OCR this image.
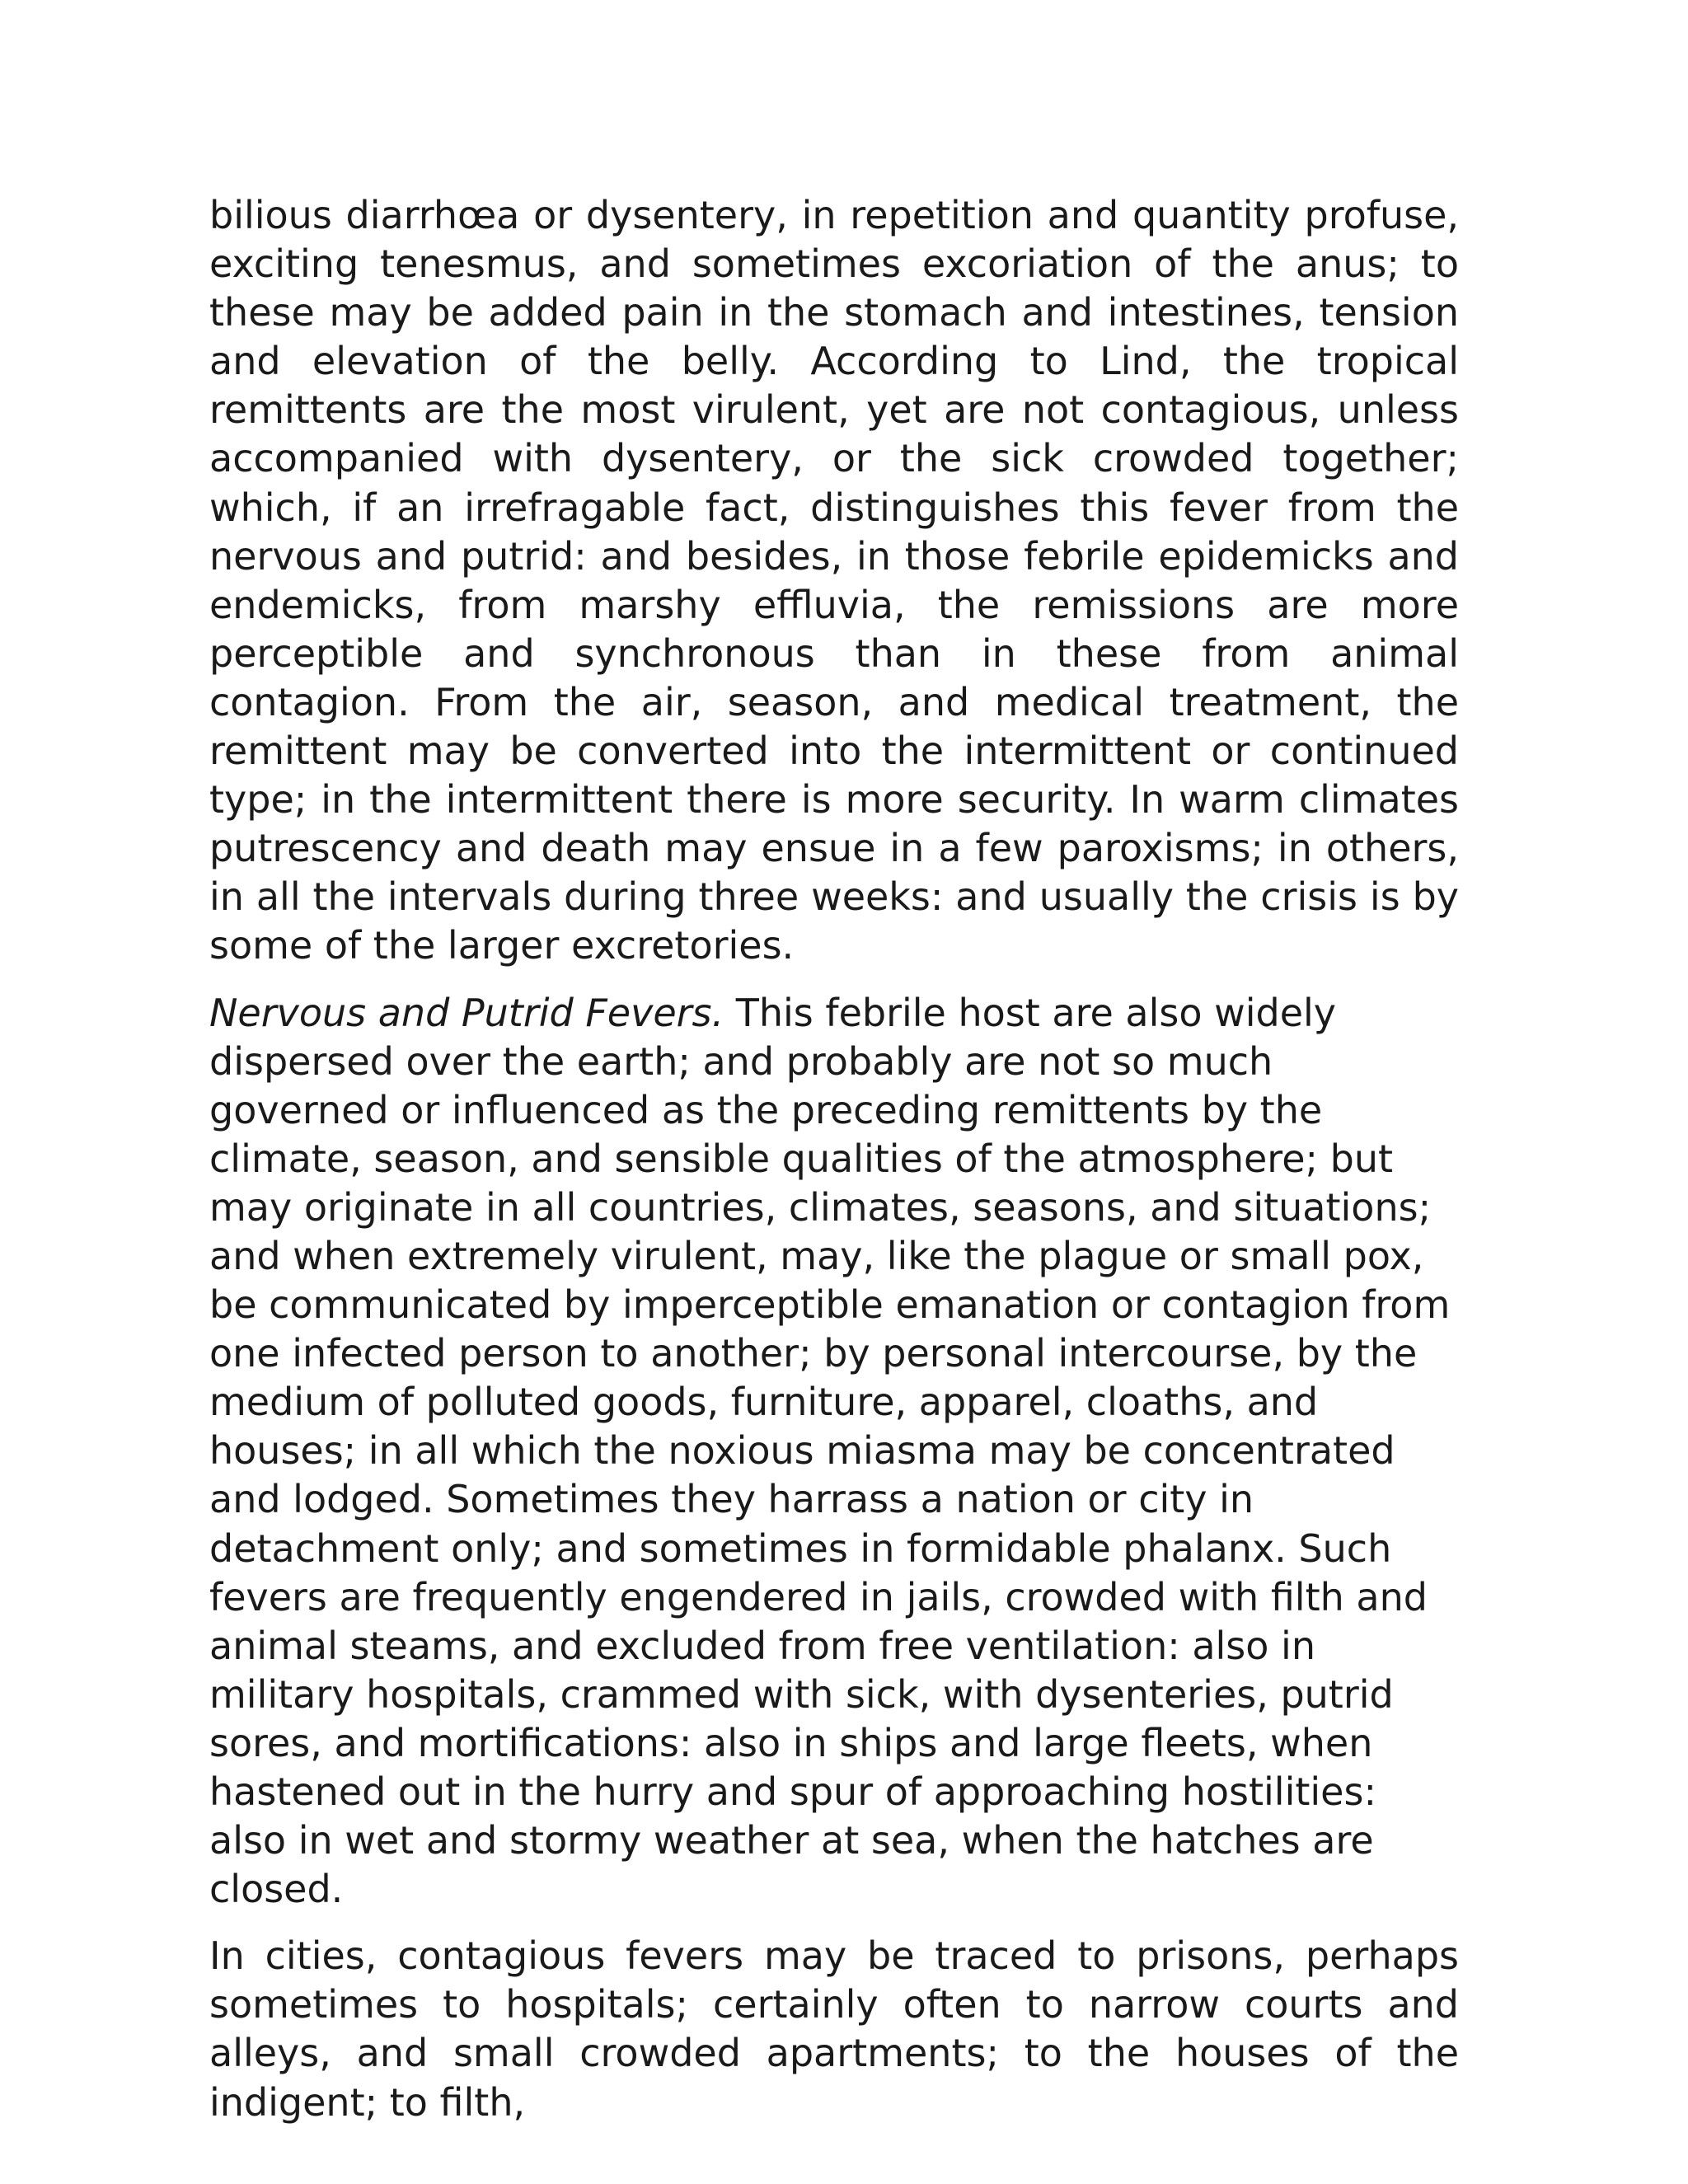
bilious diarrhœa or dysentery, in repetition and quantity profuse, exciting tenesmus, and sometimes excoriation of the anus; to these may be added pain in the stomach and intestines, tension and elevation of the belly. According to Lind, the tropical remittents are the most virulent, yet are not contagious, unless accompanied with dysentery, or the sick crowded together; which, if an irrefragable fact, distinguishes this fever from the nervous and putrid: and besides, in those febrile epidemicks and endemicks, from marshy effluvia, the remissions are more perceptible and synchronous than in these from animal contagion. From the air, season, and medical treatment, the remittent may be converted into the intermittent or continued type; in the intermittent there is more security. In warm climates putrescency and death may ensue in a few paroxisms; in others, in all the intervals during three weeks: and usually the crisis is by some of the larger excretories.

Nervous and Putrid Fevers. This febrile host are also widely dispersed over the earth; and probably are not so much governed or influenced as the preceding remittents by the climate, season, and sensible qualities of the atmosphere; but may originate in all countries, climates, seasons, and situations; and when extremely virulent, may, like the plague or small pox, be communicated by imperceptible emanation or contagion from one infected person to another; by personal intercourse, by the medium of polluted goods, furniture, apparel, cloaths, and houses; in all which the noxious miasma may be concentrated and lodged. Sometimes they harrass a nation or city in detachment only; and sometimes in formidable phalanx. Such fevers are frequently engendered in jails, crowded with filth and animal steams, and excluded from free ventilation: also in military hospitals, crammed with sick, with dysenteries, putrid sores, and mortifications: also in ships and large fleets, when hastened out in the hurry and spur of approaching hostilities: also in wet and stormy weather at sea, when the hatches are closed.

In cities, contagious fevers may be traced to prisons, perhaps sometimes to hospitals; certainly often to narrow courts and alleys, and small crowded apartments; to the houses of the indigent; to filth,
